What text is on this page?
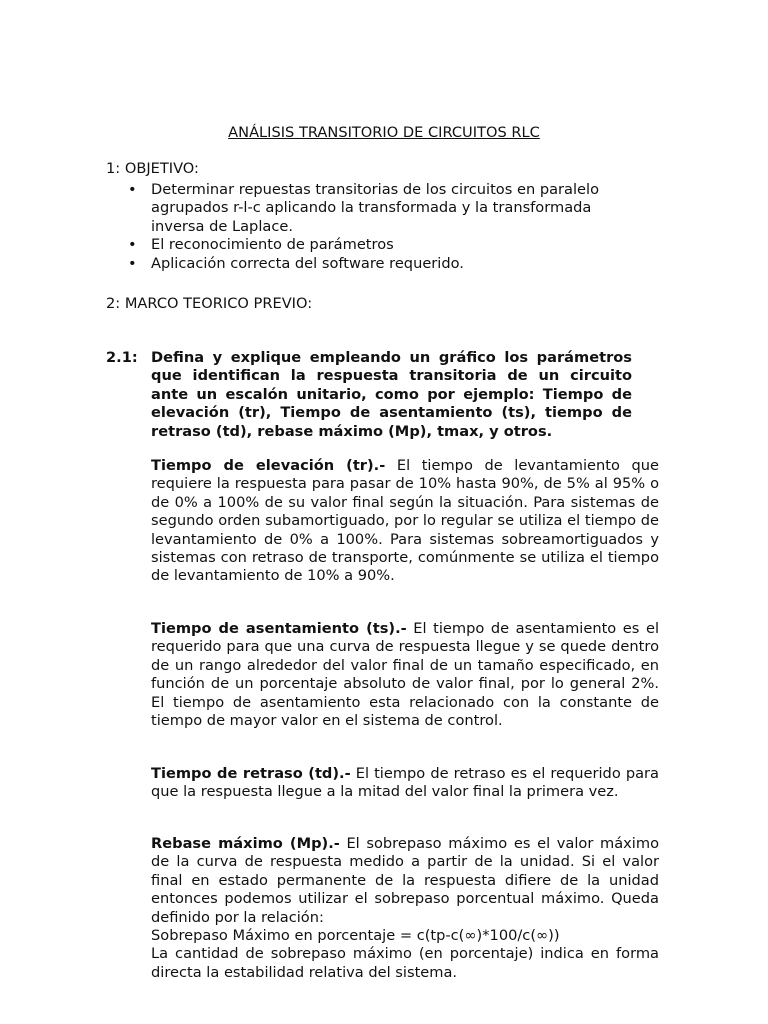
ANÁLISIS TRANSITORIO DE CIRCUITOS RLC
1: OBJETIVO:
• Determinar repuestas transitorias de los circuitos en paralelo agrupados r-l-c aplicando la transformada y la transformada inversa de Laplace.
• El reconocimiento de parámetros
• Aplicación correcta del software requerido.
2: MARCO TEORICO PREVIO:
2.1: Defina y explique empleando un gráfico los parámetros que identifican la respuesta transitoria de un circuito ante un escalón unitario, como por ejemplo: Tiempo de elevación (tr), Tiempo de asentamiento (ts), tiempo de retraso (td), rebase máximo (Mp), tmax, y otros.
Tiempo de elevación (tr).- El tiempo de levantamiento que requiere la respuesta para pasar de 10% hasta 90%, de 5% al 95% o de 0% a 100% de su valor final según la situación. Para sistemas de segundo orden subamortiguado, por lo regular se utiliza el tiempo de levantamiento de 0% a 100%. Para sistemas sobreamortiguados y sistemas con retraso de transporte, comúnmente se utiliza el tiempo de levantamiento de 10% a 90%.
Tiempo de asentamiento (ts).- El tiempo de asentamiento es el requerido para que una curva de respuesta llegue y se quede dentro de un rango alrededor del valor final de un tamaño especificado, en función de un porcentaje absoluto de valor final, por lo general 2%. El tiempo de asentamiento esta relacionado con la constante de tiempo de mayor valor en el sistema de control.
Tiempo de retraso (td).- El tiempo de retraso es el requerido para que la respuesta llegue a la mitad del valor final la primera vez.
Rebase máximo (Mp).- El sobrepaso máximo es el valor máximo de la curva de respuesta medido a partir de la unidad. Si el valor final en estado permanente de la respuesta difiere de la unidad entonces podemos utilizar el sobrepaso porcentual máximo. Queda definido por la relación:
Sobrepaso Máximo en porcentaje = c(tp-c(∞)*100/c(∞))
La cantidad de sobrepaso máximo (en porcentaje) indica en forma directa la estabilidad relativa del sistema.
